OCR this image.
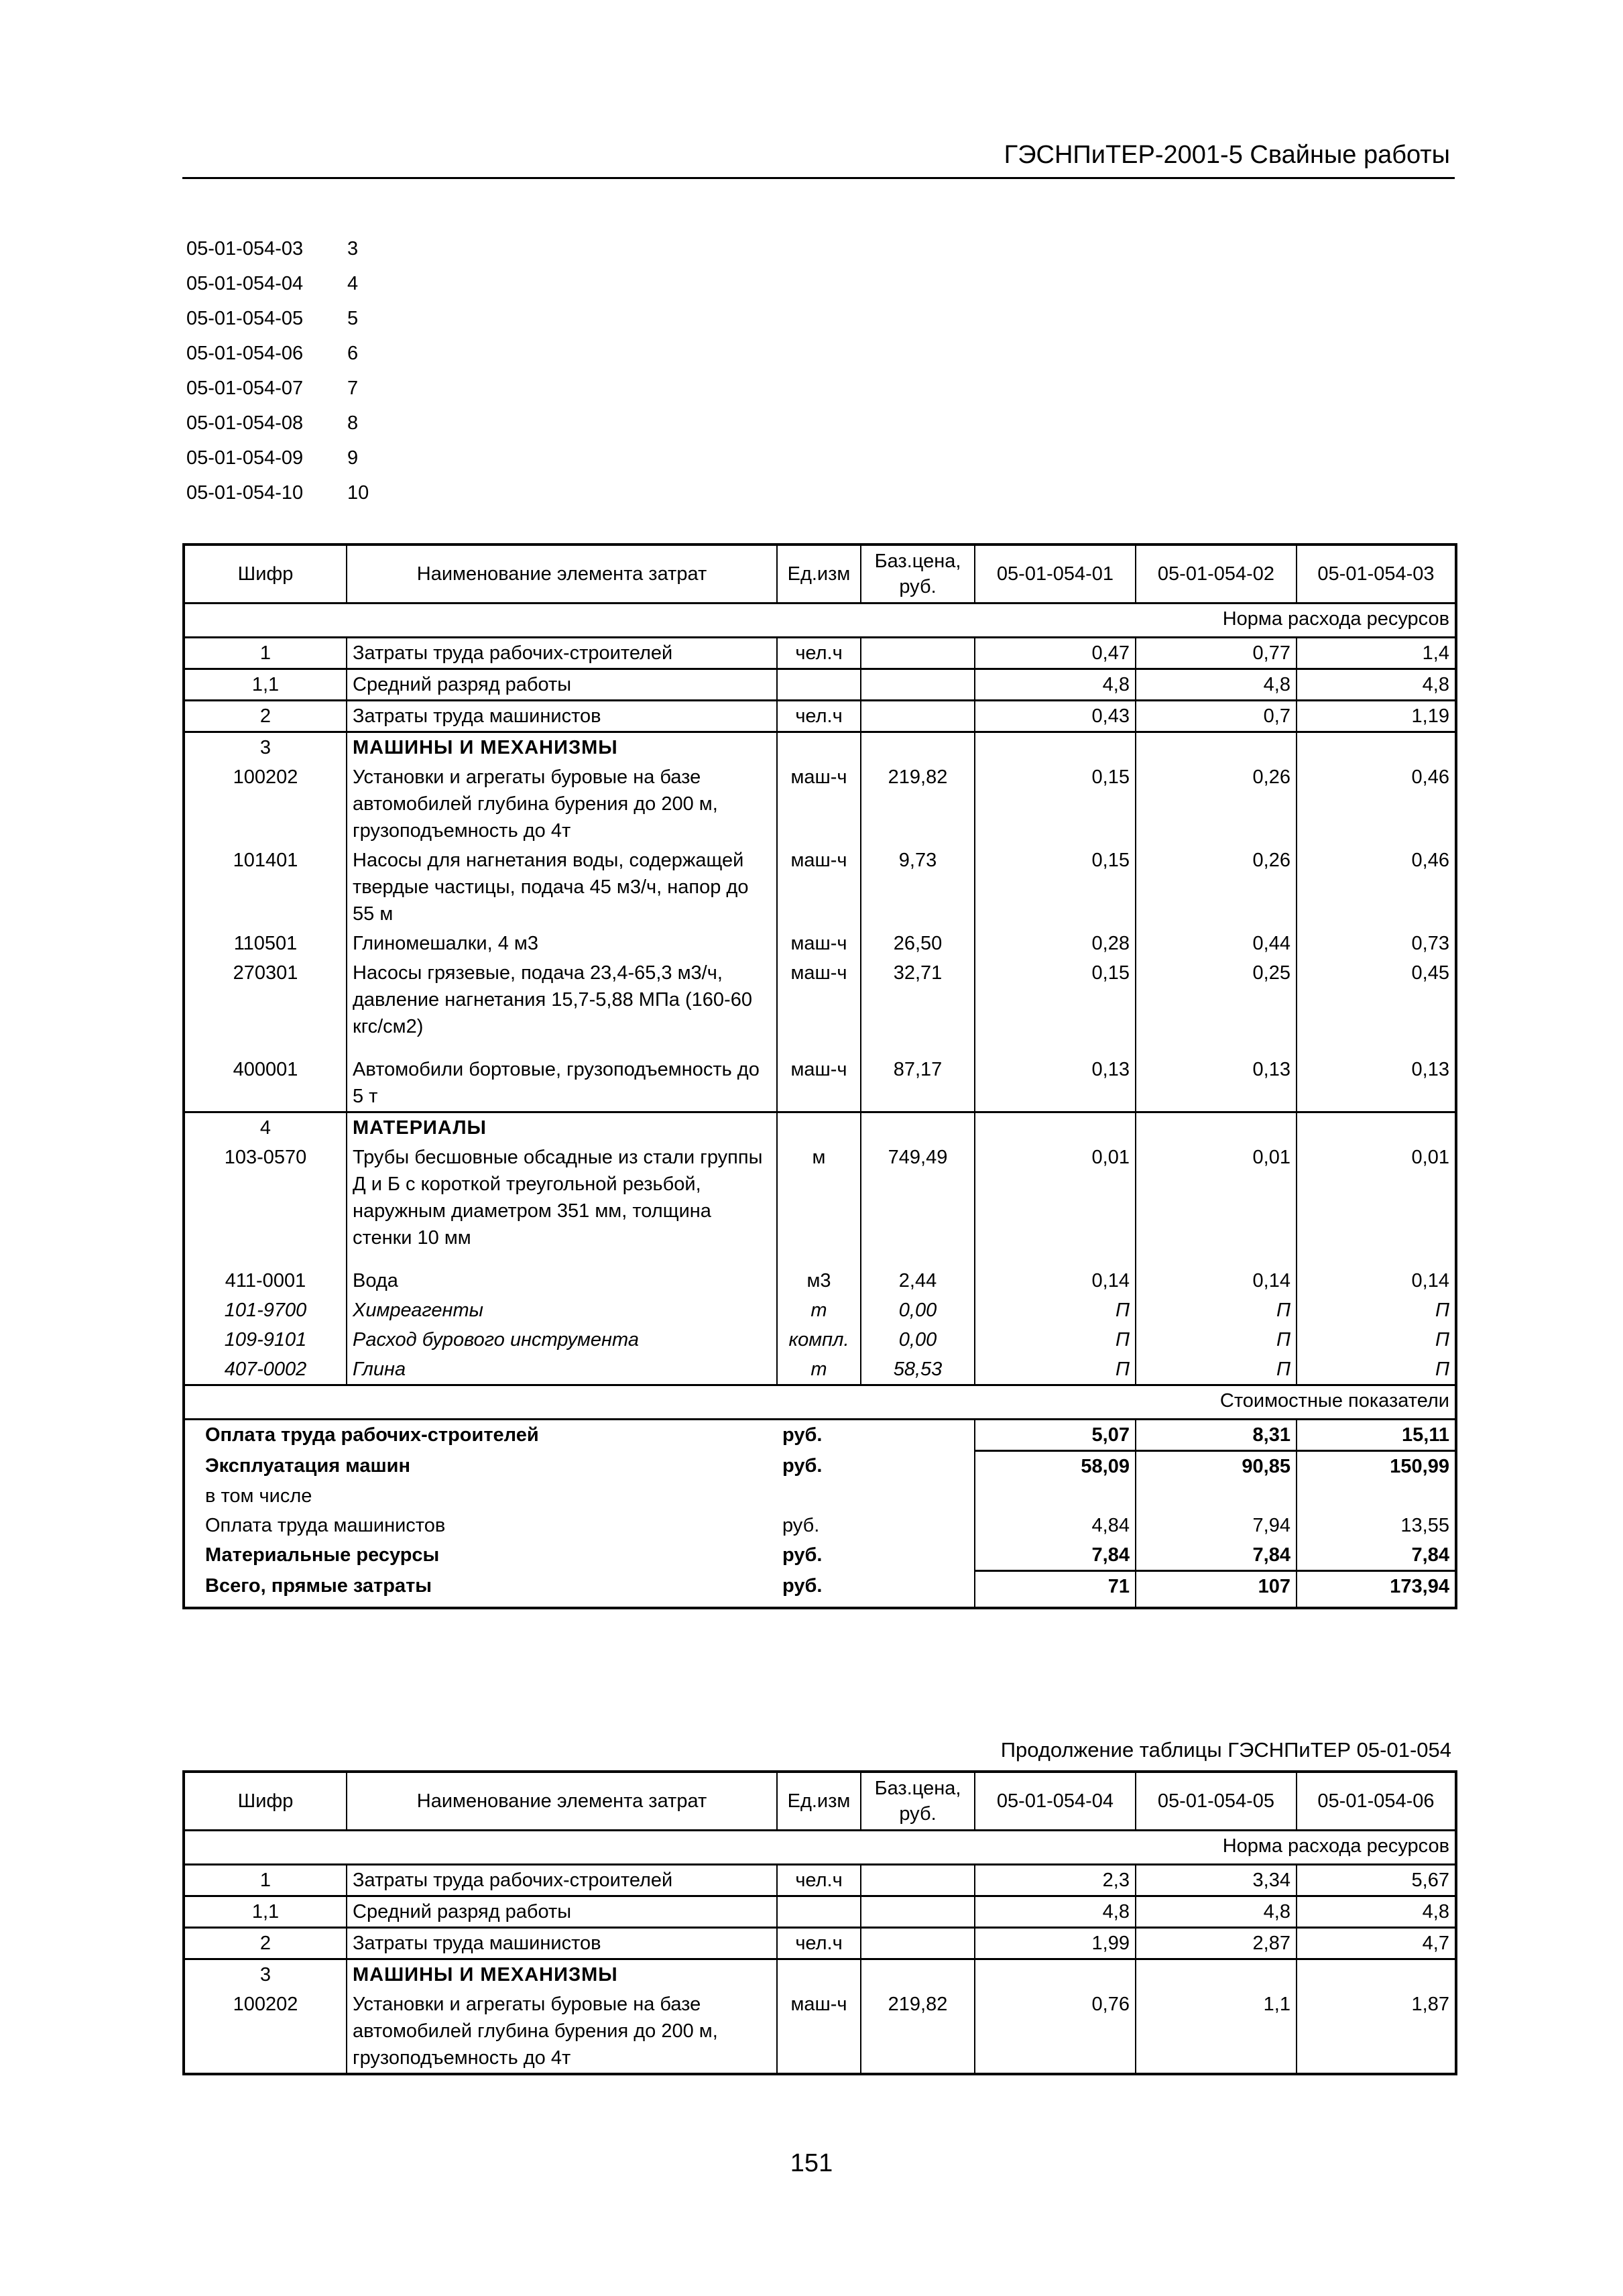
ГЭСНПиТЕР-2001-5 Свайные работы
05-01-054-03 3
05-01-054-04 4
05-01-054-05 5
05-01-054-06 6
05-01-054-07 7
05-01-054-08 8
05-01-054-09 9
05-01-054-10 10
Шифр	Наименование элемента затрат	Ед.изм	Баз.цена, руб.	05-01-054-01	05-01-054-02	05-01-054-03
Норма расхода ресурсов						
1	Затраты труда рабочих-строителей	чел.ч		0,47	0,77	1,4
1,1	Средний разряд работы			4,8	4,8	4,8
2	Затраты труда машинистов	чел.ч		0,43	0,7	1,19
3	МАШИНЫ И МЕХАНИЗМЫ					
100202	Установки и агрегаты буровые на базе автомобилей глубина бурения до 200 м, грузоподъемность до 4т	маш-ч	219,82	0,15	0,26	0,46
101401	Насосы для нагнетания воды, содержащей твердые частицы, подача 45 м3/ч, напор до 55 м	маш-ч	9,73	0,15	0,26	0,46
110501	Глиномешалки, 4 м3	маш-ч	26,50	0,28	0,44	0,73
270301	Насосы грязевые, подача 23,4-65,3 м3/ч, давление нагнетания 15,7-5,88 МПа (160-60 кгс/см2)	маш-ч	32,71	0,15	0,25	0,45
400001	Автомобили бортовые, грузоподъемность до 5 т	маш-ч	87,17	0,13	0,13	0,13
4	МАТЕРИАЛЫ					
103-0570	Трубы бесшовные обсадные из стали группы Д и Б с короткой треугольной резьбой, наружным диаметром 351 мм, толщина стенки 10 мм	м	749,49	0,01	0,01	0,01
411-0001	Вода	м3	2,44	0,14	0,14	0,14
101-9700	Химреагенты	т	0,00	П	П	П
109-9101	Расход бурового инструмента	компл.	0,00	П	П	П
407-0002	Глина	т	58,53	П	П	П
Стоимостные показатели						
Оплата труда рабочих-строителей		руб.		5,07	8,31	15,11
Эксплуатация машин		руб.		58,09	90,85	150,99
в том числе						
Оплата труда машинистов		руб.		4,84	7,94	13,55
Материальные ресурсы		руб.		7,84	7,84	7,84
Всего, прямые затраты		руб.		71	107	173,94
Продолжение таблицы ГЭСНПиТЕР 05-01-054
Шифр	Наименование элемента затрат	Ед.изм	Баз.цена, руб.	05-01-054-04	05-01-054-05	05-01-054-06
Норма расхода ресурсов						
1	Затраты труда рабочих-строителей	чел.ч		2,3	3,34	5,67
1,1	Средний разряд работы			4,8	4,8	4,8
2	Затраты труда машинистов	чел.ч		1,99	2,87	4,7
3	МАШИНЫ И МЕХАНИЗМЫ					
100202	Установки и агрегаты буровые на базе автомобилей глубина бурения до 200 м, грузоподъемность до 4т	маш-ч	219,82	0,76	1,1	1,87
151
